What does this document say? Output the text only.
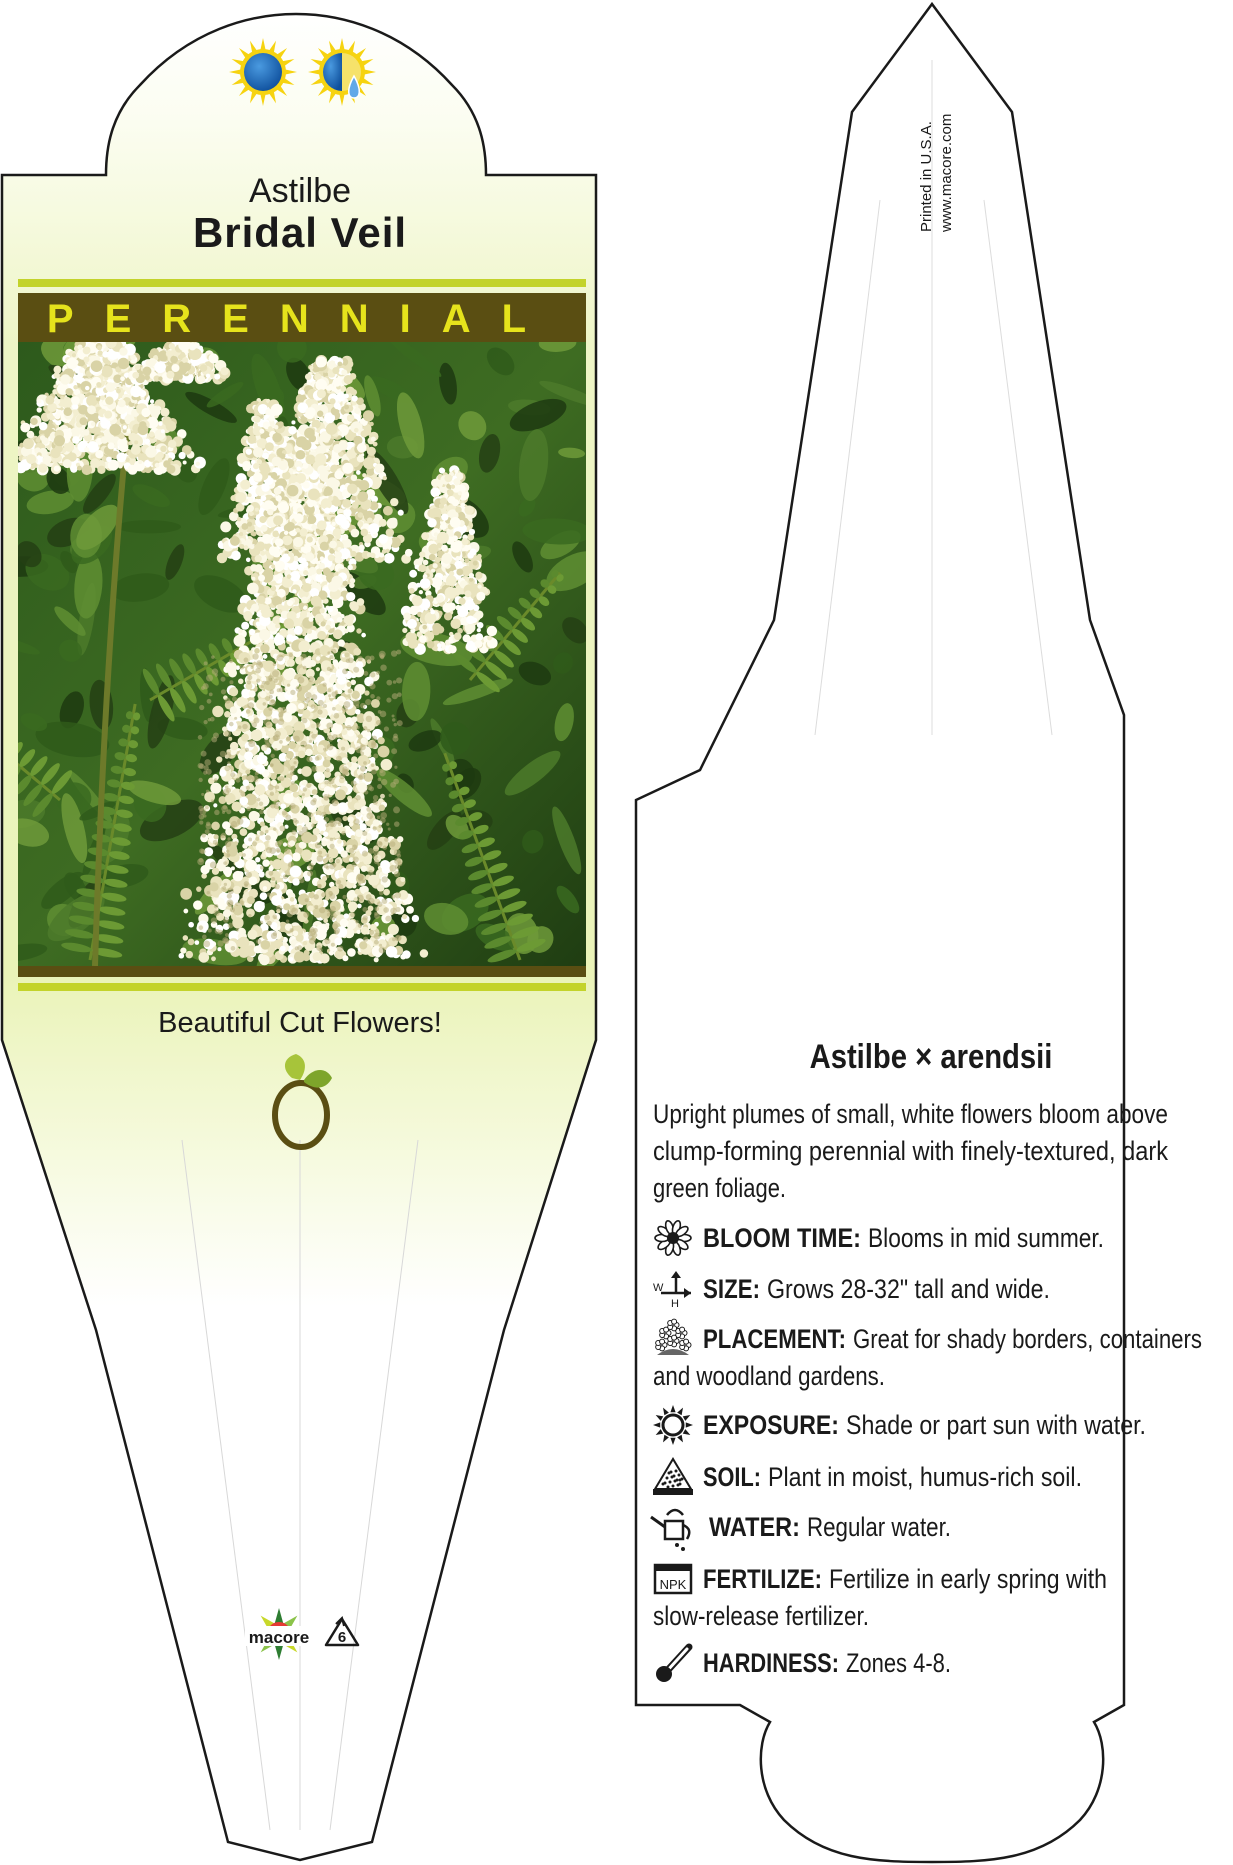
Astilbe
Bridal Veil
PERENNIAL
Beautiful Cut Flowers!
macore 6
Printed in U.S.A. www.macore.com
Astilbe × arendsii
Upright plumes of small, white flowers bloom above
clump-forming perennial with finely-textured, dark
green foliage.
BLOOM TIME: Blooms in mid summer.
W
H SIZE: Grows 28-32" tall and wide.
PLACEMENT: Great for shady borders, containers
and woodland gardens.
EXPOSURE: Shade or part sun with water.
SOIL: Plant in moist, humus-rich soil.
WATER: Regular water.
NPK FERTILIZE: Fertilize in early spring with
slow-release fertilizer.
HARDINESS: Zones 4-8.
